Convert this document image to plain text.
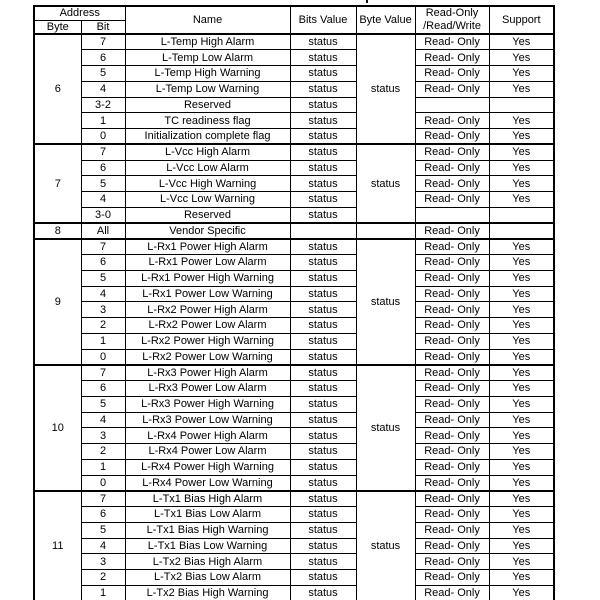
Address		Name	Bits Value	Byte Value	Read-Only
/Read/Write	Support
Byte	Bit					
6	7	L-Temp High Alarm	status	status	Read- Only	Yes
	6	L-Temp Low Alarm	status		Read- Only	Yes
	5	L-Temp High Warning	status		Read- Only	Yes
	4	L-Temp Low Warning	status		Read- Only	Yes
	3-2	Reserved	status			
	1	TC readiness flag	status		Read- Only	Yes
	0	Initialization complete flag	status		Read- Only	Yes
7	7	L-Vcc High Alarm	status	status	Read- Only	Yes
	6	L-Vcc Low Alarm	status		Read- Only	Yes
	5	L-Vcc High Warning	status		Read- Only	Yes
	4	L-Vcc Low Warning	status		Read- Only	Yes
	3-0	Reserved	status			
8	All	Vendor Specific			Read- Only	
9	7	L-Rx1 Power High Alarm	status	status	Read- Only	Yes
	6	L-Rx1 Power Low Alarm	status		Read- Only	Yes
	5	L-Rx1 Power High Warning	status		Read- Only	Yes
	4	L-Rx1 Power Low Warning	status		Read- Only	Yes
	3	L-Rx2 Power High Alarm	status		Read- Only	Yes
	2	L-Rx2 Power Low Alarm	status		Read- Only	Yes
	1	L-Rx2 Power High Warning	status		Read- Only	Yes
	0	L-Rx2 Power Low Warning	status		Read- Only	Yes
10	7	L-Rx3 Power High Alarm	status	status	Read- Only	Yes
	6	L-Rx3 Power Low Alarm	status		Read- Only	Yes
	5	L-Rx3 Power High Warning	status		Read- Only	Yes
	4	L-Rx3 Power Low Warning	status		Read- Only	Yes
	3	L-Rx4 Power High Alarm	status		Read- Only	Yes
	2	L-Rx4 Power Low Alarm	status		Read- Only	Yes
	1	L-Rx4 Power High Warning	status		Read- Only	Yes
	0	L-Rx4 Power Low Warning	status		Read- Only	Yes
11	7	L-Tx1 Bias High Alarm	status	status	Read- Only	Yes
	6	L-Tx1 Bias Low Alarm	status		Read- Only	Yes
	5	L-Tx1 Bias High Warning	status		Read- Only	Yes
	4	L-Tx1 Bias Low Warning	status		Read- Only	Yes
	3	L-Tx2 Bias High Alarm	status		Read- Only	Yes
	2	L-Tx2 Bias Low Alarm	status		Read- Only	Yes
	1	L-Tx2 Bias High Warning	status		Read- Only	Yes
